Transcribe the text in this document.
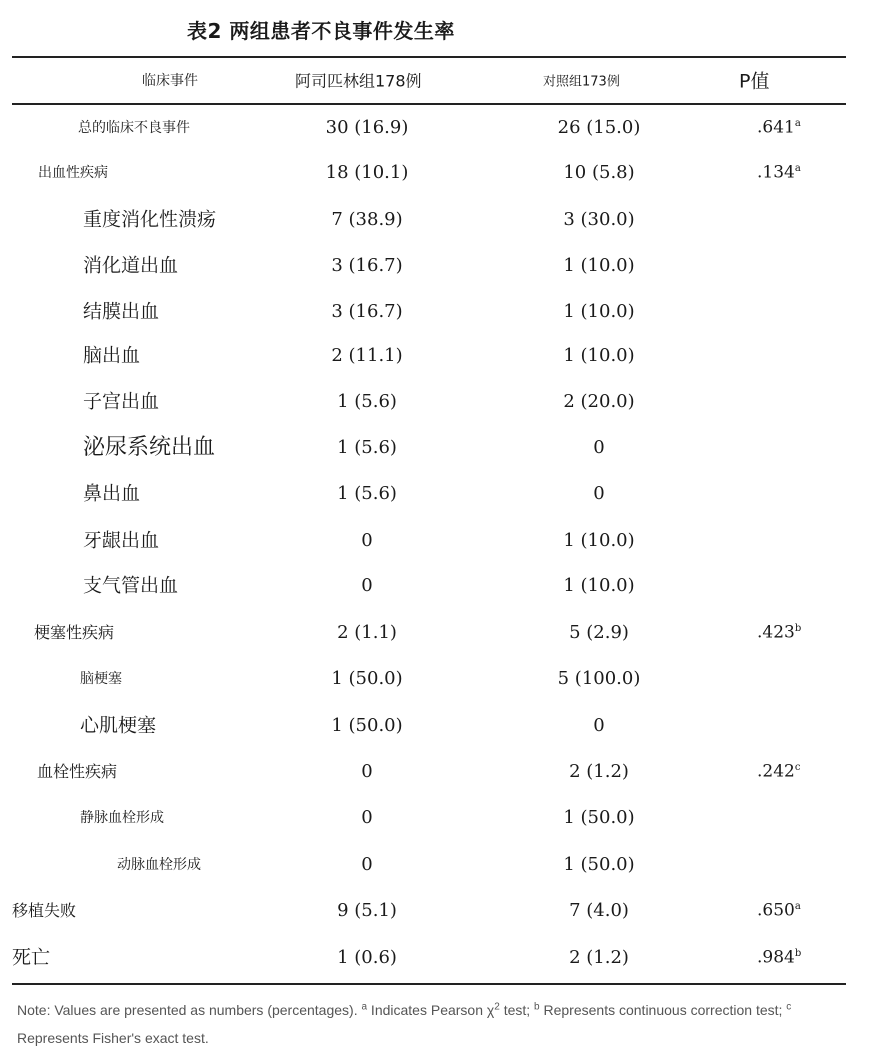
表2 两组患者不良事件发生率
临床事件	阿司匹林组178例	对照组173例	P值
总的临床不良事件	30 (16.9)	26 (15.0)	.641$^a$
出血性疾病	18 (10.1)	10 (5.8)	.134$^a$
重度消化性溃疡	7 (38.9)	3 (30.0)
消化道出血	3 (16.7)	1 (10.0)
结膜出血	3 (16.7)	1 (10.0)
脑出血	2 (11.1)	1 (10.0)
子宫出血	1 (5.6)	2 (20.0)
泌尿系统出血	1 (5.6)	0
鼻出血	1 (5.6)	0
牙龈出血	0	1 (10.0)
支气管出血	0	1 (10.0)
梗塞性疾病	2 (1.1)	5 (2.9)	.423$^b$
脑梗塞	1 (50.0)	5 (100.0)
心肌梗塞	1 (50.0)	0
血栓性疾病	0	2 (1.2)	.242$^c$
静脉血栓形成	0	1 (50.0)
动脉血栓形成	0	1 (50.0)
移植失败	9 (5.1)	7 (4.0)	.650$^a$
死亡	1 (0.6)	2 (1.2)	.984$^b$
Note: Values are presented as numbers (percentages). $^a$ Indicates Pearson $\chi^2$ test; $^b$ Represents continuous correction test; $^c$ Represents Fisher's exact test.
